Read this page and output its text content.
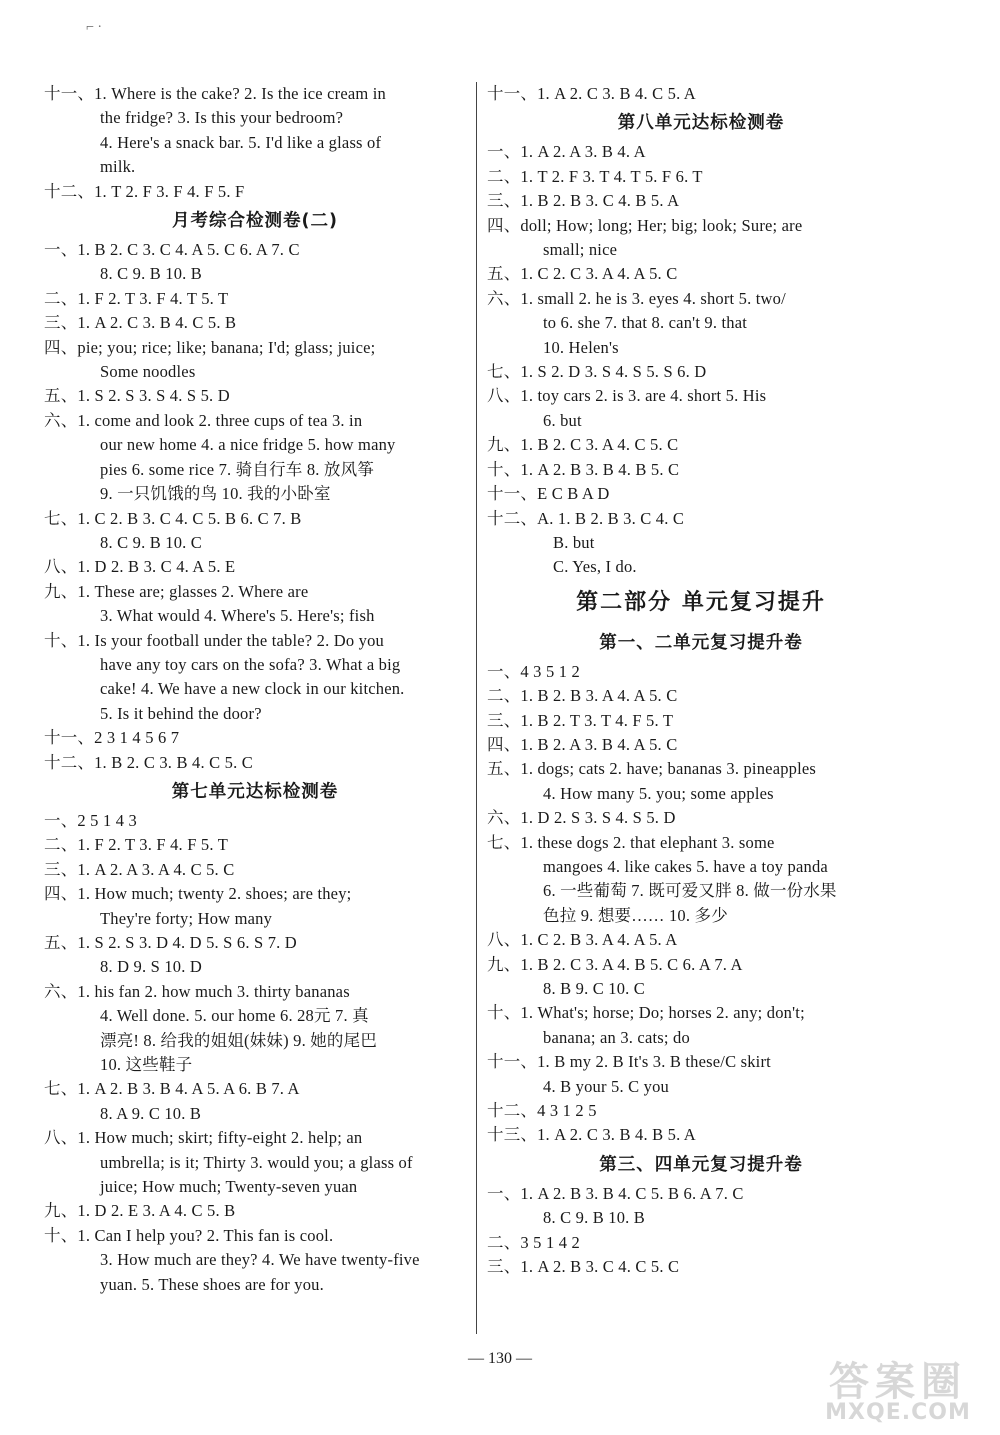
⌐ ·
十一、1. Where is the cake? 2. Is the ice cream in
the fridge? 3. Is this your bedroom?
4. Here's a snack bar. 5. I'd like a glass of
milk.
十二、1. T 2. F 3. F 4. F 5. F
月考综合检测卷(二)
一、1. B 2. C 3. C 4. A 5. C 6. A 7. C
8. C 9. B 10. B
二、1. F 2. T 3. F 4. T 5. T
三、1. A 2. C 3. B 4. C 5. B
四、pie; you; rice; like; banana; I'd; glass; juice;
Some noodles
五、1. S 2. S 3. S 4. S 5. D
六、1. come and look 2. three cups of tea 3. in
our new home 4. a nice fridge 5. how many
pies 6. some rice 7. 骑自行车 8. 放风筝
9. 一只饥饿的鸟 10. 我的小卧室
七、1. C 2. B 3. C 4. C 5. B 6. C 7. B
8. C 9. B 10. C
八、1. D 2. B 3. C 4. A 5. E
九、1. These are; glasses 2. Where are
3. What would 4. Where's 5. Here's; fish
十、1. Is your football under the table? 2. Do you
have any toy cars on the sofa? 3. What a big
cake! 4. We have a new clock in our kitchen.
5. Is it behind the door?
十一、2 3 1 4 5 6 7
十二、1. B 2. C 3. B 4. C 5. C
第七单元达标检测卷
一、2 5 1 4 3
二、1. F 2. T 3. F 4. F 5. T
三、1. A 2. A 3. A 4. C 5. C
四、1. How much; twenty 2. shoes; are they;
They're forty; How many
五、1. S 2. S 3. D 4. D 5. S 6. S 7. D
8. D 9. S 10. D
六、1. his fan 2. how much 3. thirty bananas
4. Well done. 5. our home 6. 28元 7. 真
漂亮! 8. 给我的姐姐(妹妹) 9. 她的尾巴
10. 这些鞋子
七、1. A 2. B 3. B 4. A 5. A 6. B 7. A
8. A 9. C 10. B
八、1. How much; skirt; fifty-eight 2. help; an
umbrella; is it; Thirty 3. would you; a glass of
juice; How much; Twenty-seven yuan
九、1. D 2. E 3. A 4. C 5. B
十、1. Can I help you? 2. This fan is cool.
3. How much are they? 4. We have twenty-five
yuan. 5. These shoes are for you.
十一、1. A 2. C 3. B 4. C 5. A
第八单元达标检测卷
一、1. A 2. A 3. B 4. A
二、1. T 2. F 3. T 4. T 5. F 6. T
三、1. B 2. B 3. C 4. B 5. A
四、doll; How; long; Her; big; look; Sure; are
small; nice
五、1. C 2. C 3. A 4. A 5. C
六、1. small 2. he is 3. eyes 4. short 5. two/
to 6. she 7. that 8. can't 9. that
10. Helen's
七、1. S 2. D 3. S 4. S 5. S 6. D
八、1. toy cars 2. is 3. are 4. short 5. His
6. but
九、1. B 2. C 3. A 4. C 5. C
十、1. A 2. B 3. B 4. B 5. C
十一、E C B A D
十二、A. 1. B 2. B 3. C 4. C
B. but
C. Yes, I do.
第二部分 单元复习提升
第一、二单元复习提升卷
一、4 3 5 1 2
二、1. B 2. B 3. A 4. A 5. C
三、1. B 2. T 3. T 4. F 5. T
四、1. B 2. A 3. B 4. A 5. C
五、1. dogs; cats 2. have; bananas 3. pineapples
4. How many 5. you; some apples
六、1. D 2. S 3. S 4. S 5. D
七、1. these dogs 2. that elephant 3. some
mangoes 4. like cakes 5. have a toy panda
6. 一些葡萄 7. 既可爱又胖 8. 做一份水果
色拉 9. 想要…… 10. 多少
八、1. C 2. B 3. A 4. A 5. A
九、1. B 2. C 3. A 4. B 5. C 6. A 7. A
8. B 9. C 10. C
十、1. What's; horse; Do; horses 2. any; don't;
banana; an 3. cats; do
十一、1. B my 2. B It's 3. B these/C skirt
4. B your 5. C you
十二、4 3 1 2 5
十三、1. A 2. C 3. B 4. B 5. A
第三、四单元复习提升卷
一、1. A 2. B 3. B 4. C 5. B 6. A 7. C
8. C 9. B 10. B
二、3 5 1 4 2
三、1. A 2. B 3. C 4. C 5. C
— 130 —
答案圈
MXQE.COM
